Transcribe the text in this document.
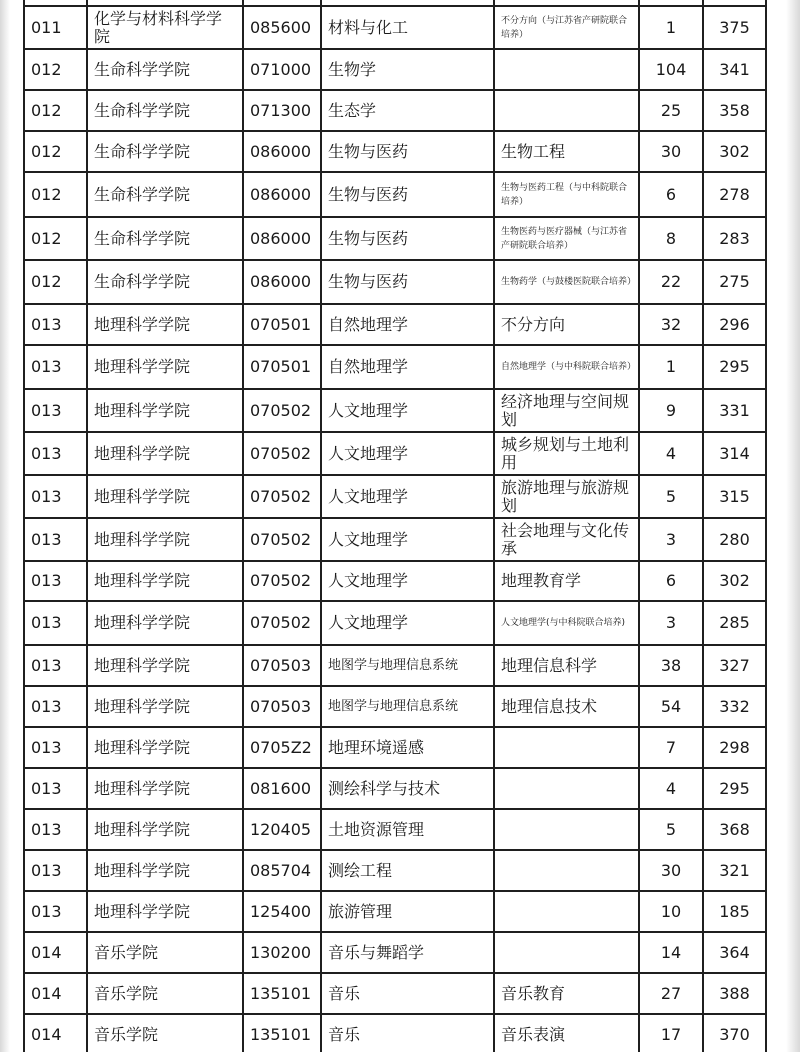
011	化学与材料科学学院	085600	材料与化工	不分方向（与江苏省产研院联合培养）	1	375
012	生命科学学院	071000	生物学		104	341
012	生命科学学院	071300	生态学		25	358
012	生命科学学院	086000	生物与医药	生物工程	30	302
012	生命科学学院	086000	生物与医药	生物与医药工程（与中科院联合培养）	6	278
012	生命科学学院	086000	生物与医药	生物医药与医疗器械（与江苏省产研院联合培养）	8	283
012	生命科学学院	086000	生物与医药	生物药学（与鼓楼医院联合培养）	22	275
013	地理科学学院	070501	自然地理学	不分方向	32	296
013	地理科学学院	070501	自然地理学	自然地理学（与中科院联合培养）	1	295
013	地理科学学院	070502	人文地理学	经济地理与空间规划	9	331
013	地理科学学院	070502	人文地理学	城乡规划与土地利用	4	314
013	地理科学学院	070502	人文地理学	旅游地理与旅游规划	5	315
013	地理科学学院	070502	人文地理学	社会地理与文化传承	3	280
013	地理科学学院	070502	人文地理学	地理教育学	6	302
013	地理科学学院	070502	人文地理学	人文地理学(与中科院联合培养)	3	285
013	地理科学学院	070503	地图学与地理信息系统	地理信息科学	38	327
013	地理科学学院	070503	地图学与地理信息系统	地理信息技术	54	332
013	地理科学学院	0705Z2	地理环境遥感		7	298
013	地理科学学院	081600	测绘科学与技术		4	295
013	地理科学学院	120405	土地资源管理		5	368
013	地理科学学院	085704	测绘工程		30	321
013	地理科学学院	125400	旅游管理		10	185
014	音乐学院	130200	音乐与舞蹈学		14	364
014	音乐学院	135101	音乐	音乐教育	27	388
014	音乐学院	135101	音乐	音乐表演	17	370
